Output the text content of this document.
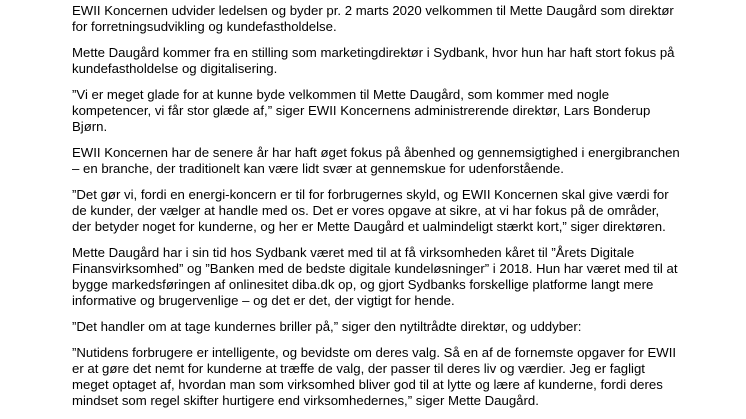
EWII Koncernen udvider ledelsen og byder pr. 2 marts 2020 velkommen til Mette Daugård som direktør for forretningsudvikling og kundefastholdelse.

Mette Daugård kommer fra en stilling som marketingdirektør i Sydbank, hvor hun har haft stort fokus på kundefastholdelse og digitalisering.

”Vi er meget glade for at kunne byde velkommen til Mette Daugård, som kommer med nogle kompetencer, vi får stor glæde af,” siger EWII Koncernens administrerende direktør, Lars Bonderup Bjørn.

EWII Koncernen har de senere år har haft øget fokus på åbenhed og gennemsigtighed i energibranchen – en branche, der traditionelt kan være lidt svær at gennemskue for udenforstående.

”Det gør vi, fordi en energi-koncern er til for forbrugernes skyld, og EWII Koncernen skal give værdi for de kunder, der vælger at handle med os. Det er vores opgave at sikre, at vi har fokus på de områder, der betyder noget for kunderne, og her er Mette Daugård et ualmindeligt stærkt kort,” siger direktøren.

Mette Daugård har i sin tid hos Sydbank været med til at få virksomheden kåret til ”Årets Digitale Finansvirksomhed” og ”Banken med de bedste digitale kundeløsninger” i 2018. Hun har været med til at bygge markedsføringen af onlinesitet diba.dk op, og gjort Sydbanks forskellige platforme langt mere informative og brugervenlige – og det er det, der vigtigt for hende.

”Det handler om at tage kundernes briller på,” siger den nytiltrådte direktør, og uddyber:

”Nutidens forbrugere er intelligente, og bevidste om deres valg. Så en af de fornemste opgaver for EWII er at gøre det nemt for kunderne at træffe de valg, der passer til deres liv og værdier. Jeg er fagligt meget optaget af, hvordan man som virksomhed bliver god til at lytte og lære af kunderne, fordi deres mindset som regel skifter hurtigere end virksomhedernes,” siger Mette Daugård.
